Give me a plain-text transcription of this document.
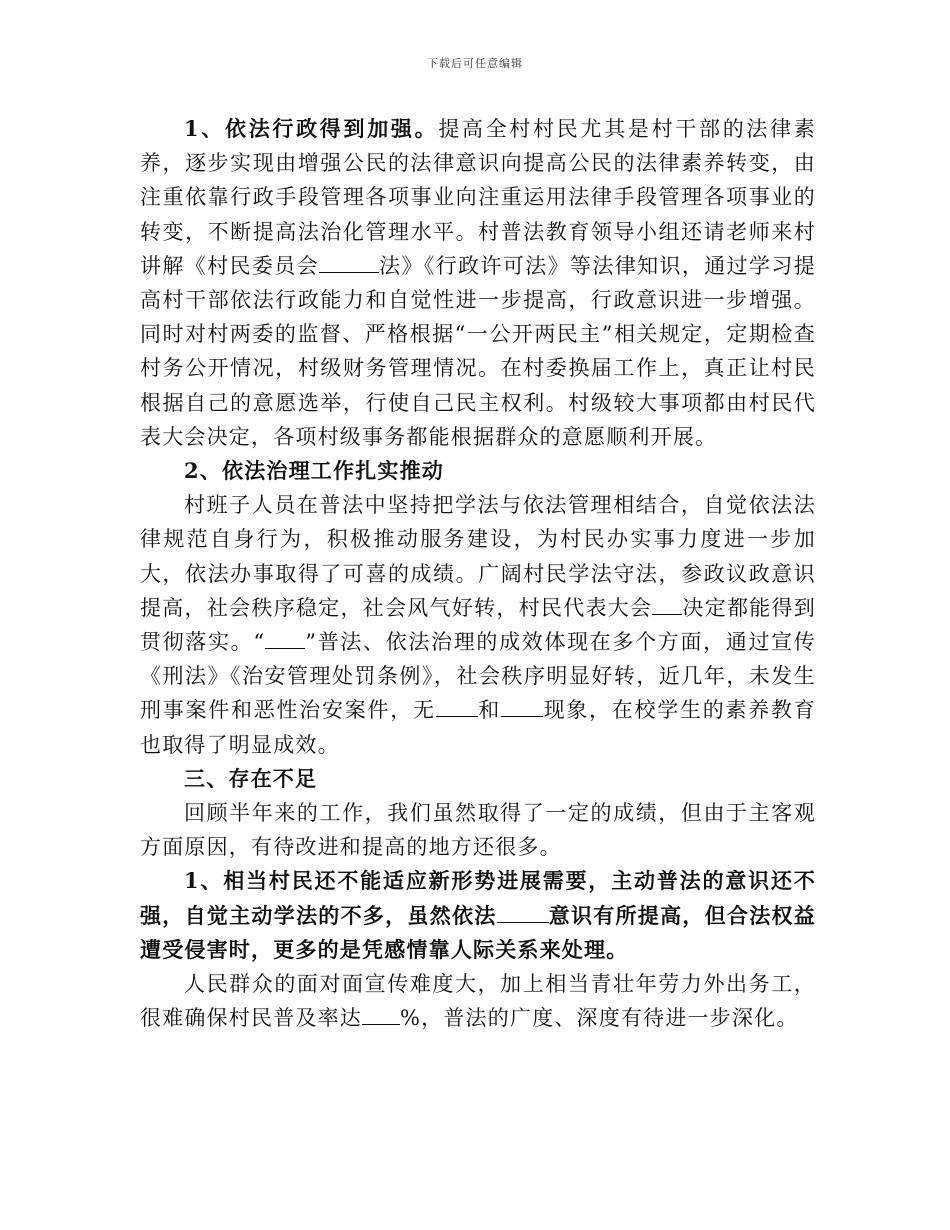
下载后可任意编辑

1、依法行政得到加强。提高全村村民尤其是村干部的法律素养，逐步实现由增强公民的法律意识向提高公民的法律素养转变，由注重依靠行政手段管理各项事业向注重运用法律手段管理各项事业的转变，不断提高法治化管理水平。村普法教育领导小组还请老师来村讲解《村民委员会	法》《行政许可法》等法律知识，通过学习提高村干部依法行政能力和自觉性进一步提高，行政意识进一步增强。同时对村两委的监督、严格根据“一公开两民主”相关规定，定期检查村务公开情况，村级财务管理情况。在村委换届工作上，真正让村民根据自己的意愿选举，行使自己民主权利。村级较大事项都由村民代表大会决定，各项村级事务都能根据群众的意愿顺利开展。

2、依法治理工作扎实推动

村班子人员在普法中坚持把学法与依法管理相结合，自觉依法法律规范自身行为，积极推动服务建设，为村民办实事力度进一步加大，依法办事取得了可喜的成绩。广阔村民学法守法，参政议政意识提高，社会秩序稳定，社会风气好转，村民代表大会 决定都能得到贯彻落实。“ ”普法、依法治理的成效体现在多个方面，通过宣传《刑法》《治安管理处罚条例》，社会秩序明显好转，近几年，未发生刑事案件和恶性治安案件，无 和 现象，在校学生的素养教育也取得了明显成效。

三、存在不足

回顾半年来的工作，我们虽然取得了一定的成绩，但由于主客观方面原因，有待改进和提高的地方还很多。

1、相当村民还不能适应新形势进展需要，主动普法的意识还不强，自觉主动学法的不多，虽然依法 意识有所提高，但合法权益遭受侵害时，更多的是凭感情靠人际关系来处理。

人民群众的面对面宣传难度大，加上相当青壮年劳力外出务工，很难确保村民普及率达 %，普法的广度、深度有待进一步深化。
